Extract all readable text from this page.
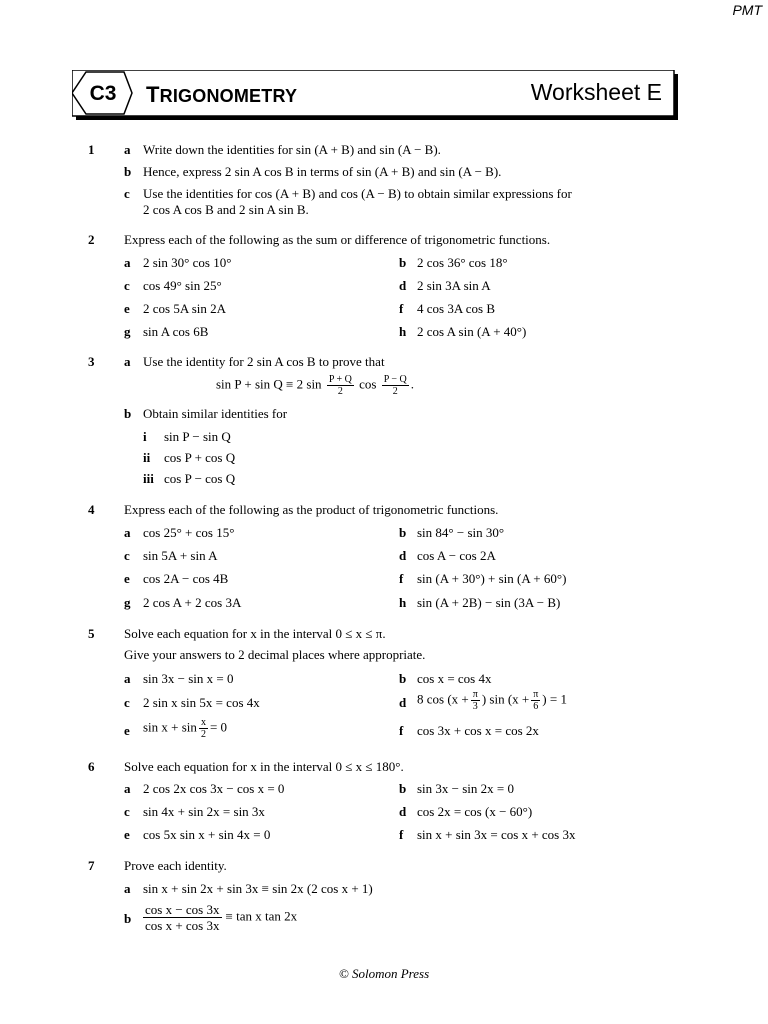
PMT
C3 TRIGONOMETRY	Worksheet E
1 a Write down the identities for sin (A + B) and sin (A − B).
b Hence, express 2 sin A cos B in terms of sin (A + B) and sin (A − B).
c Use the identities for cos (A + B) and cos (A − B) to obtain similar expressions for
2 cos A cos B and 2 sin A sin B.
2 Express each of the following as the sum or difference of trigonometric functions.
a 2 sin 30° cos 10°	b 2 cos 36° cos 18°
c cos 49° sin 25°	d 2 sin 3A sin A
e 2 cos 5A sin 2A	f 4 cos 3A cos B
g sin A cos 6B	h 2 cos A sin (A + 40°)
3 a Use the identity for 2 sin A cos B to prove that
sin P + sin Q ≡ 2 $\sin \frac{P + Q}{2}$ $\cos \frac{P - Q}{2}$ .
b Obtain similar identities for
i sin P − sin Q
ii cos P + cos Q
iii cos P − cos Q
4 Express each of the following as the product of trigonometric functions.
a cos 25° + cos 15°	b sin 84° − sin 30°
c sin 5A + sin A	d cos A − cos 2A
e cos 2A − cos 4B	f sin (A + 30°) + sin (A + 60°)
g 2 cos A + 2 cos 3A	h sin (A + 2B) − sin (3A − B)
5 Solve each equation for x in the interval 0 ≤ x ≤ π.
Give your answers to 2 decimal places where appropriate.
a sin 3x − sin x = 0	b cos x = cos 4x
c 2 sin x sin 5x = cos 4x	d 8 $\cos (x + \frac{\pi}{3}$ ) $\sin (x + \frac{\pi}{6}$ ) = 1
e $\sin x + \sin \frac{x}{2} = 0$	f cos 3x + cos x = cos 2x
6 Solve each equation for x in the interval 0 ≤ x ≤ 180°.
a 2 cos 2x cos 3x − cos x = 0	b sin 3x − sin 2x = 0
c sin 4x + sin 2x = sin 3x	d cos 2x = cos (x − 60°)
e cos 5x sin x + sin 4x = 0	f sin x + sin 3x = cos x + cos 3x
7 Prove each identity.
a sin x + sin 2x + sin 3x ≡ sin 2x (2 cos x + 1)
b $\frac{\text{cos x − cos 3x}}{\text{cos x + cos 3x}} \equiv \tan x$ tan 2x
© Solomon Press
